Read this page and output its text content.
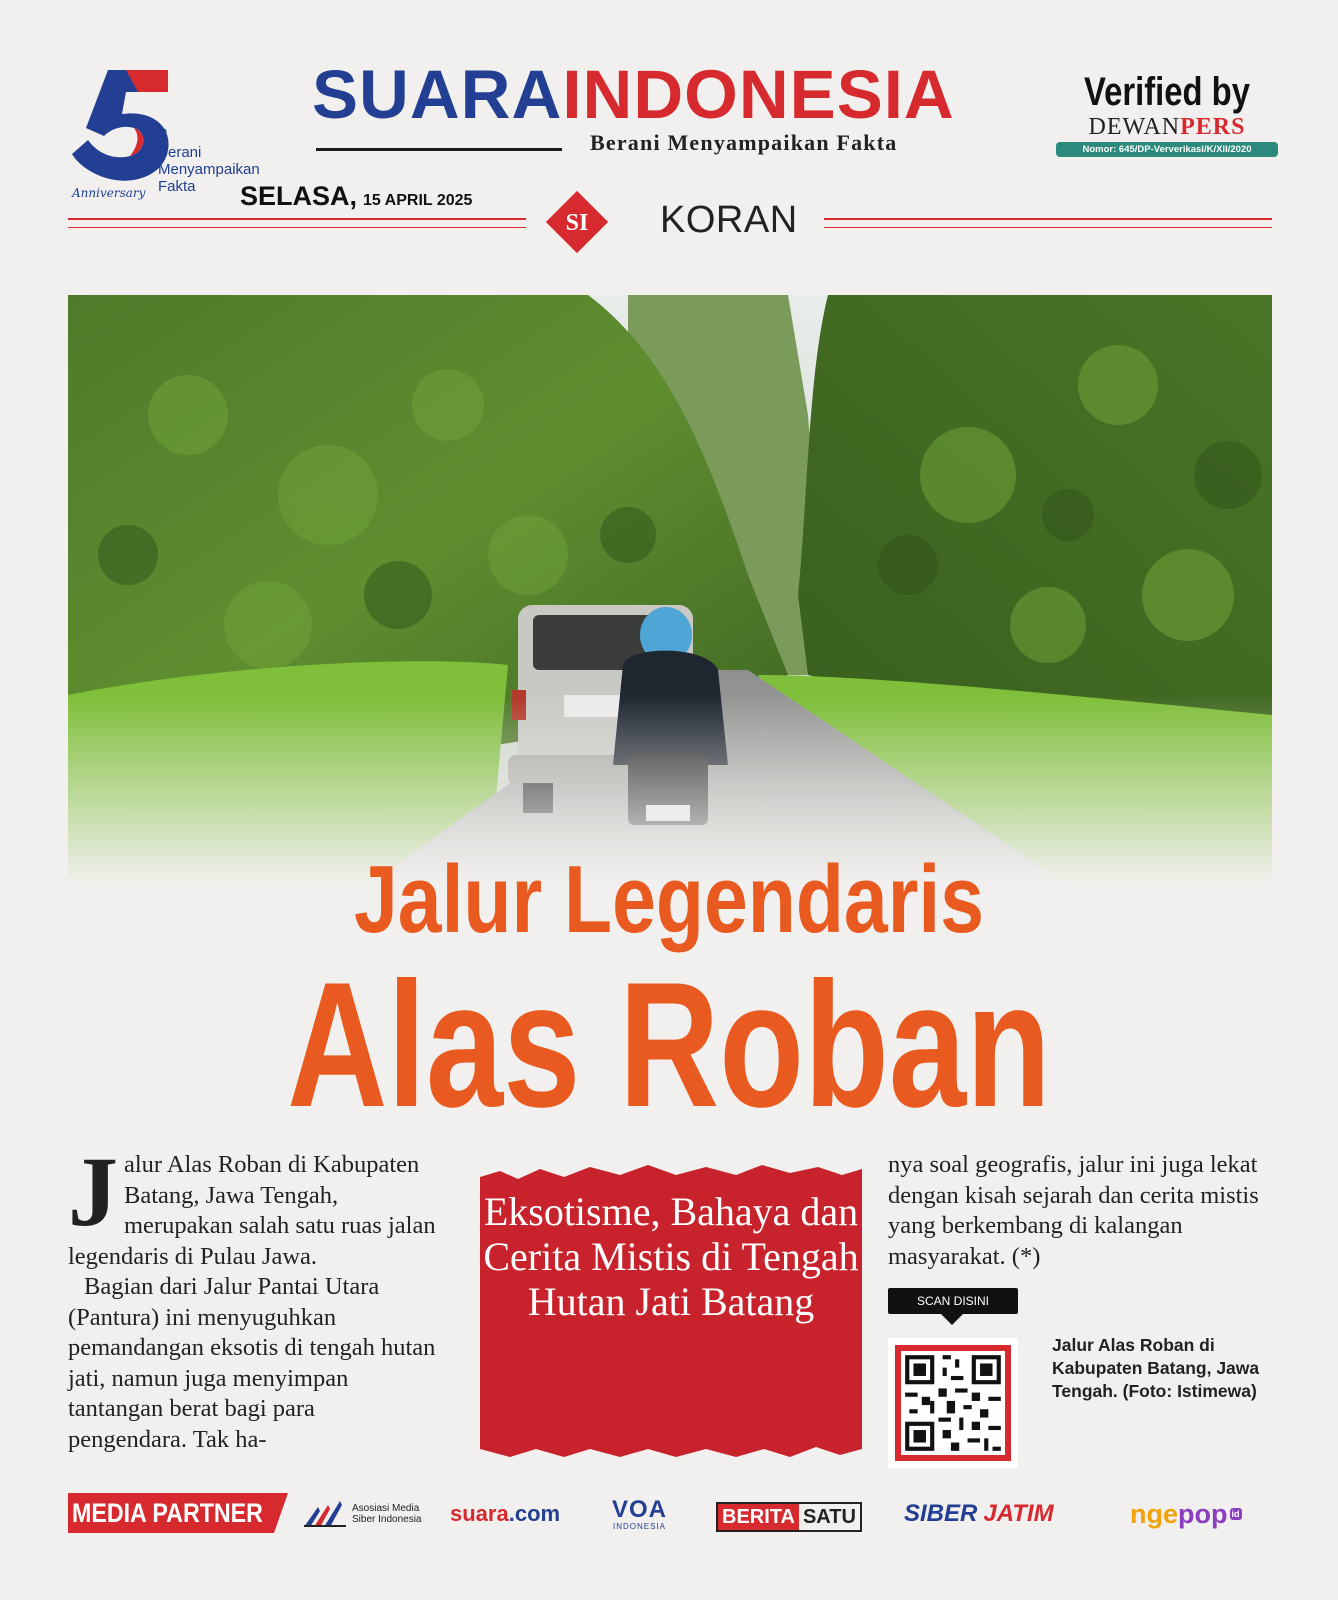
th
Berani Menyampaikan Fakta
Anniversary
SUARAINDONESIA
Berani Menyampaikan Fakta
Verified by
DEWANPERS
Nomor: 645/DP-Ververikasi/K/XII/2020
SELASA, 15 APRIL 2025
SI KORAN
Jalur Legendaris
Alas Roban

Jalur Alas Roban di Kabupaten Batang, Jawa Tengah, merupakan salah satu ruas jalan legendaris di Pulau Jawa.

Bagian dari Jalur Pantai Utara (Pantura) ini menyuguhkan pemandangan eksotis di tengah hutan jati, namun juga menyimpan tantangan berat bagi para pengendara. Tak ha-

Eksotisme, Bahaya dan Cerita Mistis di Tengah Hutan Jati Batang

nya soal geografis, jalur ini juga lekat dengan kisah sejarah dan cerita mistis yang berkembang di kalangan masyarakat. (*)

SCAN DISINI
Jalur Alas Roban di Kabupaten Batang, Jawa Tengah. (Foto: Istimewa)
MEDIA PARTNER	Asosiasi Media Siber Indonesia	suara .com VOA
INDONESIA	BERITA SATU SIBER JATIM	nge pop id
